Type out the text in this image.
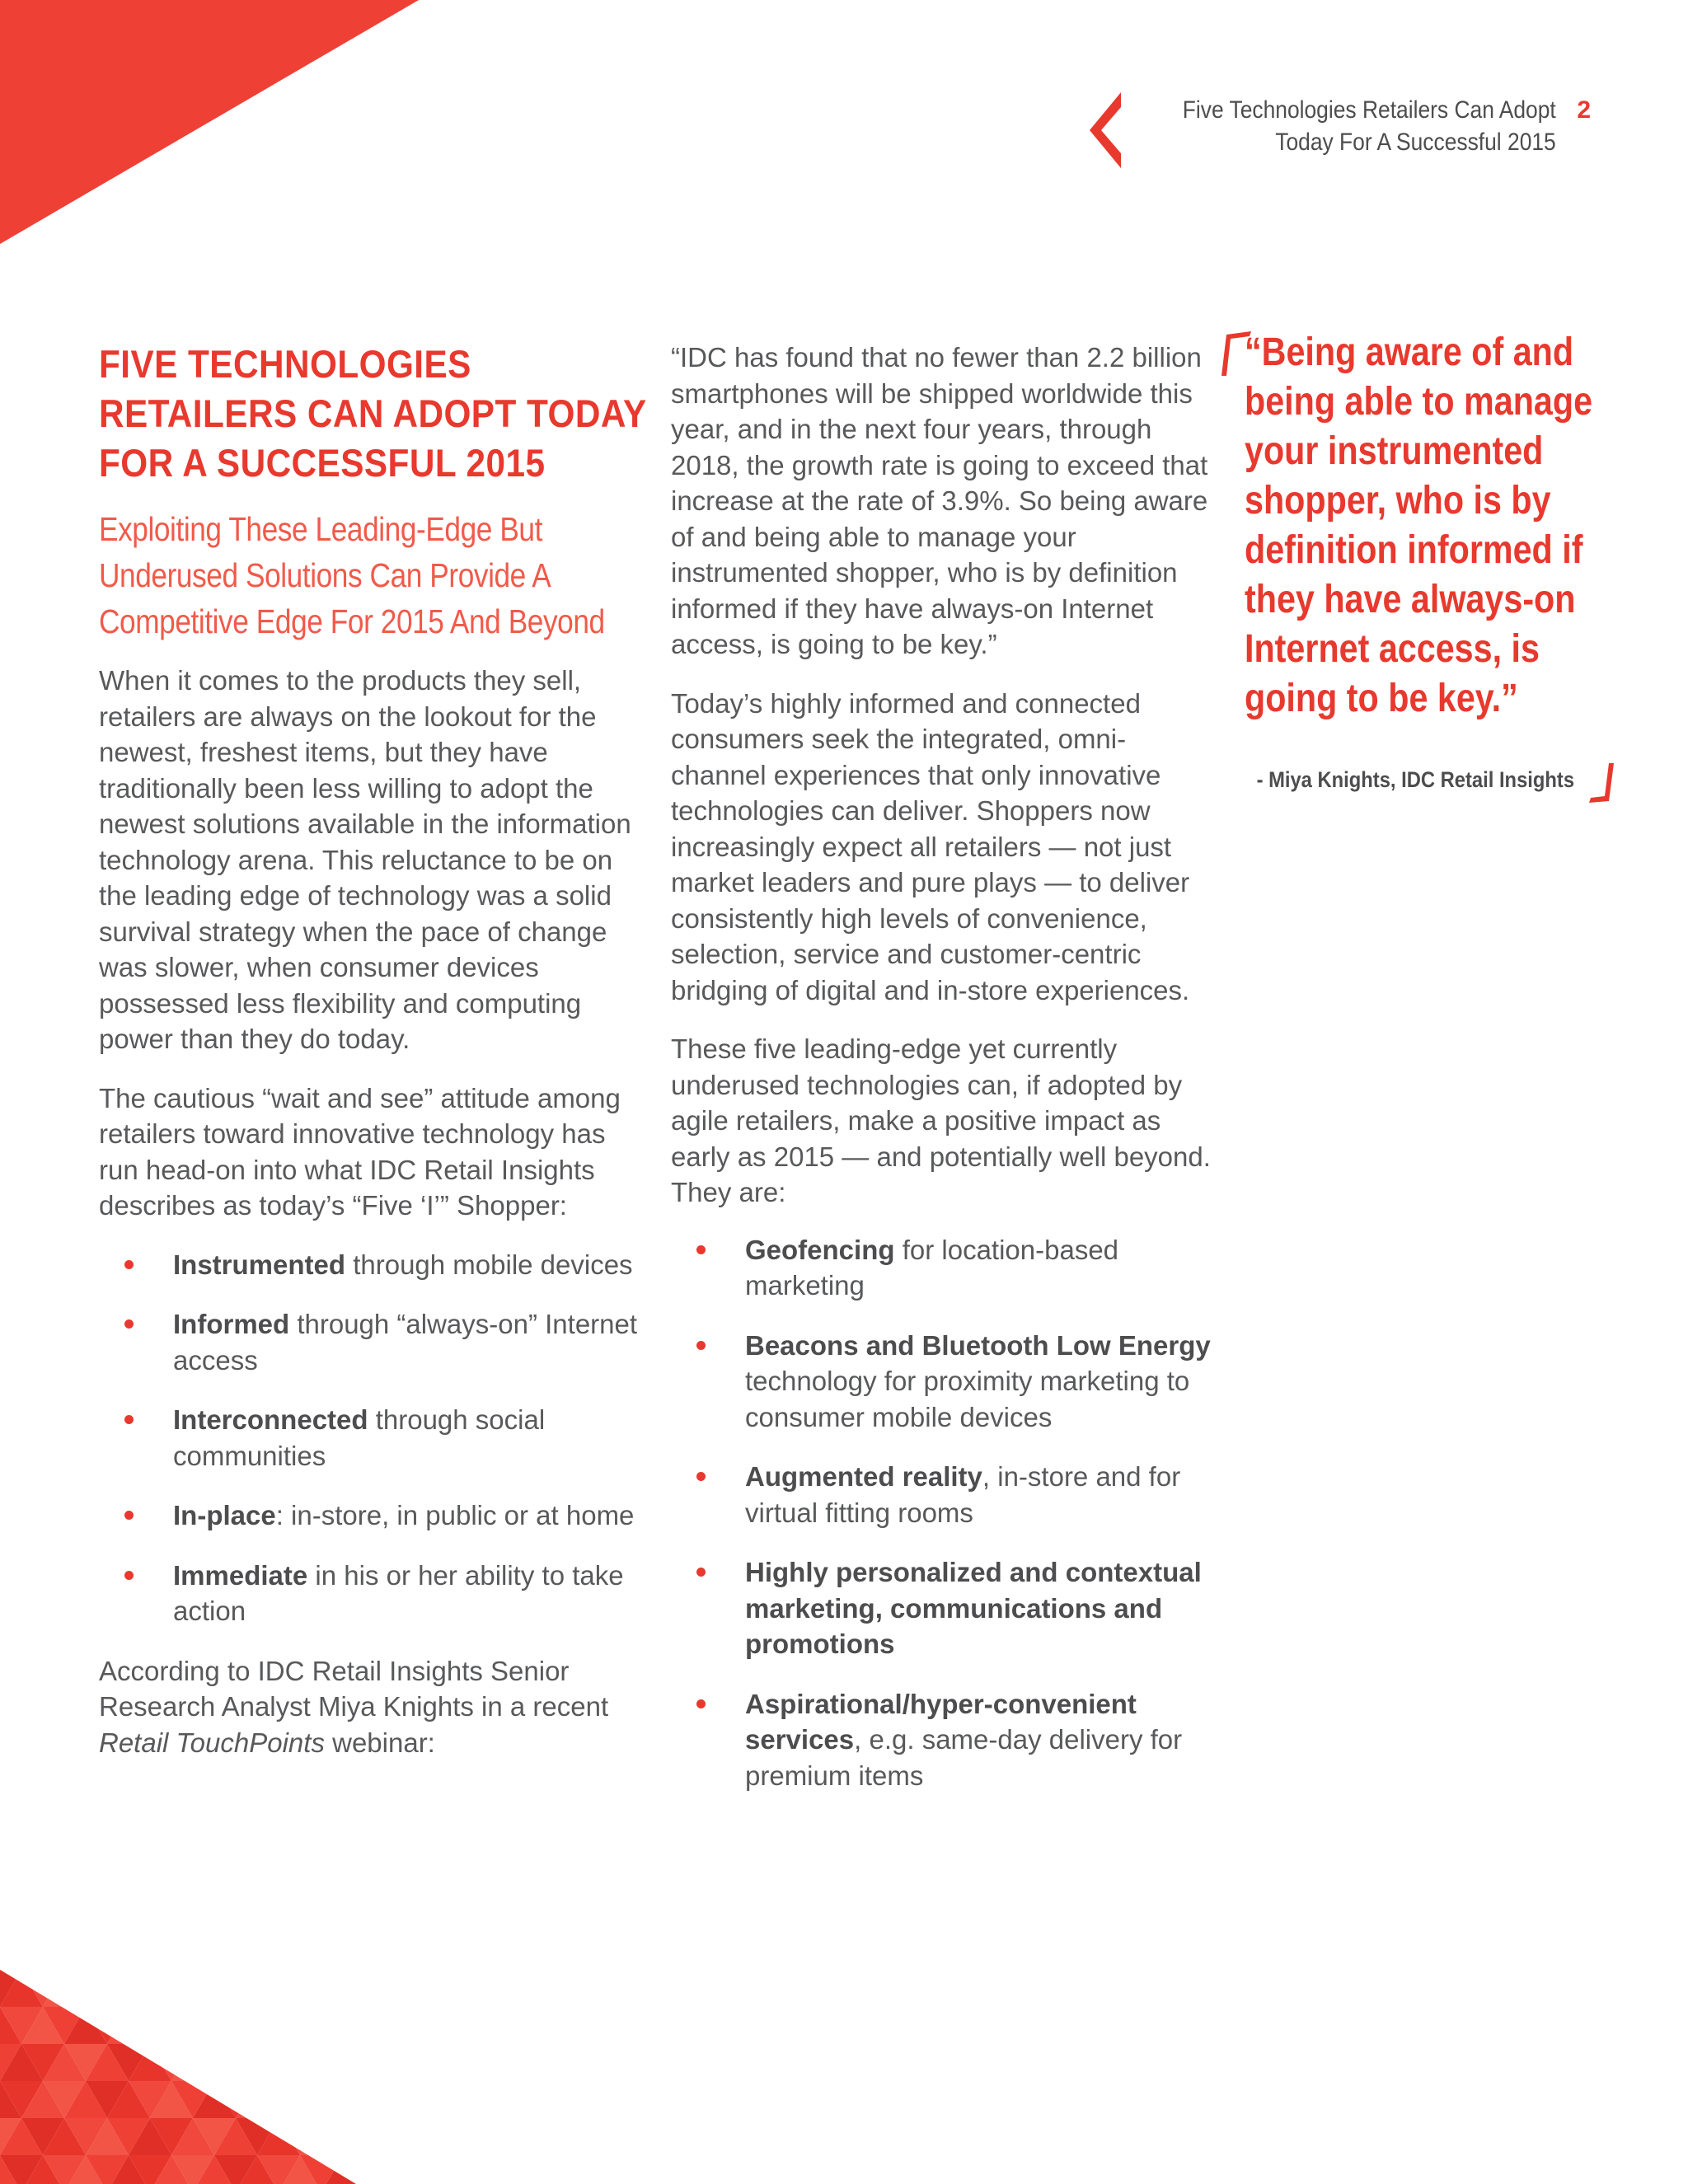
Five Technologies Retailers Can Adopt
Today For A Successful 2015
2
FIVE TECHNOLOGIES RETAILERS CAN ADOPT TODAY FOR A SUCCESSFUL 2015
Exploiting These Leading-Edge But Underused Solutions Can Provide A Competitive Edge For 2015 And Beyond

When it comes to the products they sell, retailers are always on the lookout for the newest, freshest items, but they have traditionally been less willing to adopt the newest solutions available in the information technology arena. This reluctance to be on the leading edge of technology was a solid survival strategy when the pace of change was slower, when consumer devices possessed less flexibility and computing power than they do today.

The cautious “wait and see” attitude among retailers toward innovative technology has run head-on into what IDC Retail Insights describes as today’s “Five ‘I’” Shopper:

Instrumented through mobile devices
Informed through “always-on” Internet access
Interconnected through social communities
In-place: in-store, in public or at home
Immediate in his or her ability to take action

According to IDC Retail Insights Senior Research Analyst Miya Knights in a recent Retail TouchPoints webinar:

“IDC has found that no fewer than 2.2 billion smartphones will be shipped worldwide this year, and in the next four years, through 2018, the growth rate is going to exceed that increase at the rate of 3.9%. So being aware of and being able to manage your instrumented shopper, who is by definition informed if they have always-on Internet access, is going to be key.”

Today’s highly informed and connected consumers seek the integrated, omni-channel experiences that only innovative technologies can deliver. Shoppers now increasingly expect all retailers — not just market leaders and pure plays — to deliver consistently high levels of convenience, selection, service and customer-centric bridging of digital and in-store experiences.

These five leading-edge yet currently underused technologies can, if adopted by agile retailers, make a positive impact as early as 2015 — and potentially well beyond. They are:

Geofencing for location-based marketing
Beacons and Bluetooth Low Energy technology for proximity marketing to consumer mobile devices
Augmented reality, in-store and for virtual fitting rooms
Highly personalized and contextual marketing, communications and promotions
Aspirational/hyper-convenient services, e.g. same-day delivery for premium items
“Being aware of and being able to manage your instrumented shopper, who is by definition informed if they have always-on Internet access, is going to be key.”
- Miya Knights, IDC Retail Insights
